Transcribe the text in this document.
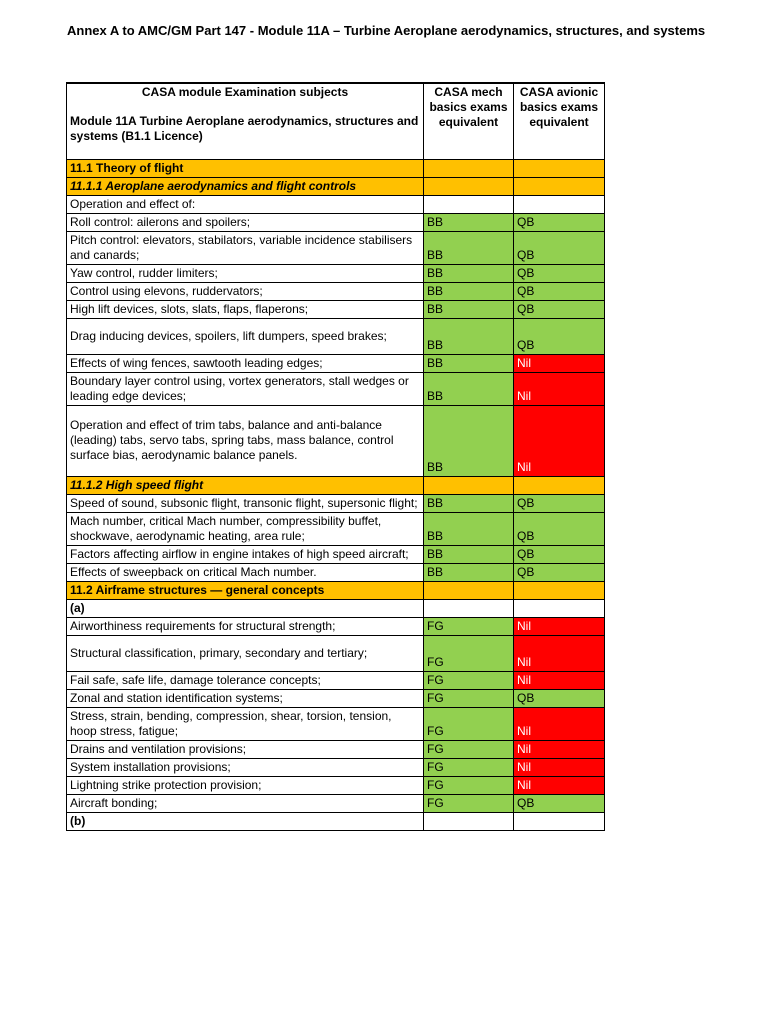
Annex A to AMC/GM Part 147 - Module 11A – Turbine Aeroplane aerodynamics, structures, and systems
CASA module Examination subjects
Module 11A Turbine Aeroplane aerodynamics, structures and systems (B1.1 Licence)	CASA mech basics exams equivalent	CASA avionic basics exams equivalent
11.1 Theory of flight		
11.1.1 Aeroplane aerodynamics and flight controls		
Operation and effect of:		
Roll control: ailerons and spoilers;	BB	QB
Pitch control: elevators, stabilators, variable incidence stabilisers and canards;	BB	QB
Yaw control, rudder limiters;	BB	QB
Control using elevons, ruddervators;	BB	QB
High lift devices, slots, slats, flaps, flaperons;	BB	QB
Drag inducing devices, spoilers, lift dumpers, speed brakes;	BB	QB
Effects of wing fences, sawtooth leading edges;	BB	Nil
Boundary layer control using, vortex generators, stall wedges or leading edge devices;	BB	Nil
Operation and effect of trim tabs, balance and anti-balance (leading) tabs, servo tabs, spring tabs, mass balance, control surface bias, aerodynamic balance panels.	BB	Nil
11.1.2 High speed flight		
Speed of sound, subsonic flight, transonic flight, supersonic flight;	BB	QB
Mach number, critical Mach number, compressibility buffet, shockwave, aerodynamic heating, area rule;	BB	QB
Factors affecting airflow in engine intakes of high speed aircraft;	BB	QB
Effects of sweepback on critical Mach number.	BB	QB
11.2 Airframe structures — general concepts		
(a)		
Airworthiness requirements for structural strength;	FG	Nil
Structural classification, primary, secondary and tertiary;	FG	Nil
Fail safe, safe life, damage tolerance concepts;	FG	Nil
Zonal and station identification systems;	FG	QB
Stress, strain, bending, compression, shear, torsion, tension, hoop stress, fatigue;	FG	Nil
Drains and ventilation provisions;	FG	Nil
System installation provisions;	FG	Nil
Lightning strike protection provision;	FG	Nil
Aircraft bonding;	FG	QB
(b)		
